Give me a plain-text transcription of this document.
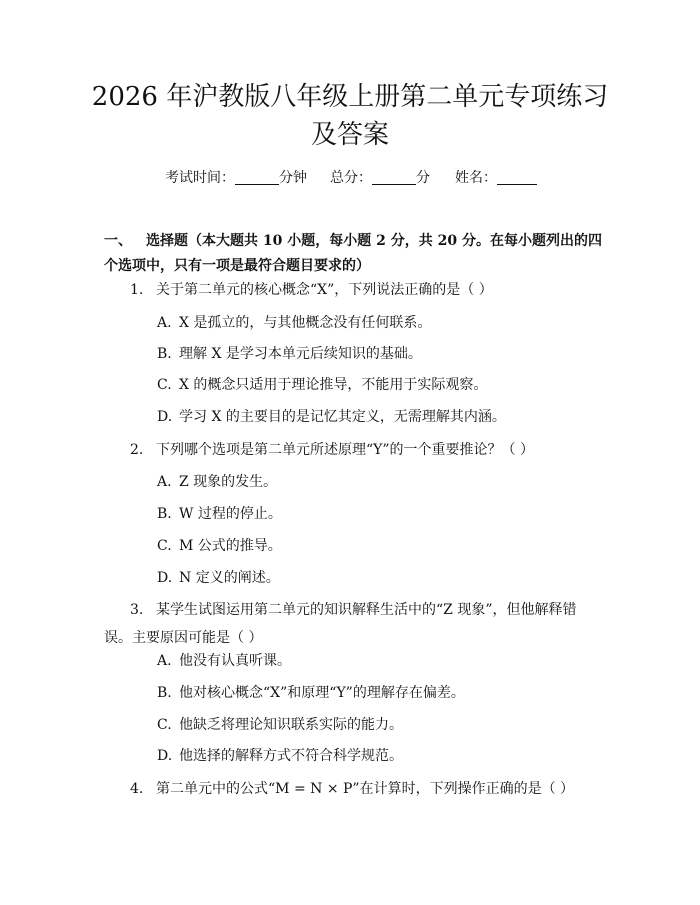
2026 年沪教版八年级上册第二单元专项练习
及答案
考试时间：	分钟 总分：	分 姓名：
一、 选择题（本大题共 10 小题，每小题 2 分，共 20 分。在每小题列出的四个选项中，只有一项是最符合题目要求的）
1. 关于第二单元的核心概念“X”，下列说法正确的是（ ）
A. X 是孤立的，与其他概念没有任何联系。
B. 理解 X 是学习本单元后续知识的基础。
C. X 的概念只适用于理论推导，不能用于实际观察。
D. 学习 X 的主要目的是记忆其定义，无需理解其内涵。
2. 下列哪个选项是第二单元所述原理“Y”的一个重要推论？（ ）
A. Z 现象的发生。
B. W 过程的停止。
C. M 公式的推导。
D. N 定义的阐述。
3. 某学生试图运用第二单元的知识解释生活中的“Z 现象”，但他解释错误。主要原因可能是（ ）
A. 他没有认真听课。
B. 他对核心概念“X”和原理“Y”的理解存在偏差。
C. 他缺乏将理论知识联系实际的能力。
D. 他选择的解释方式不符合科学规范。
4. 第二单元中的公式“M = N × P”在计算时，下列操作正确的是（ ）
